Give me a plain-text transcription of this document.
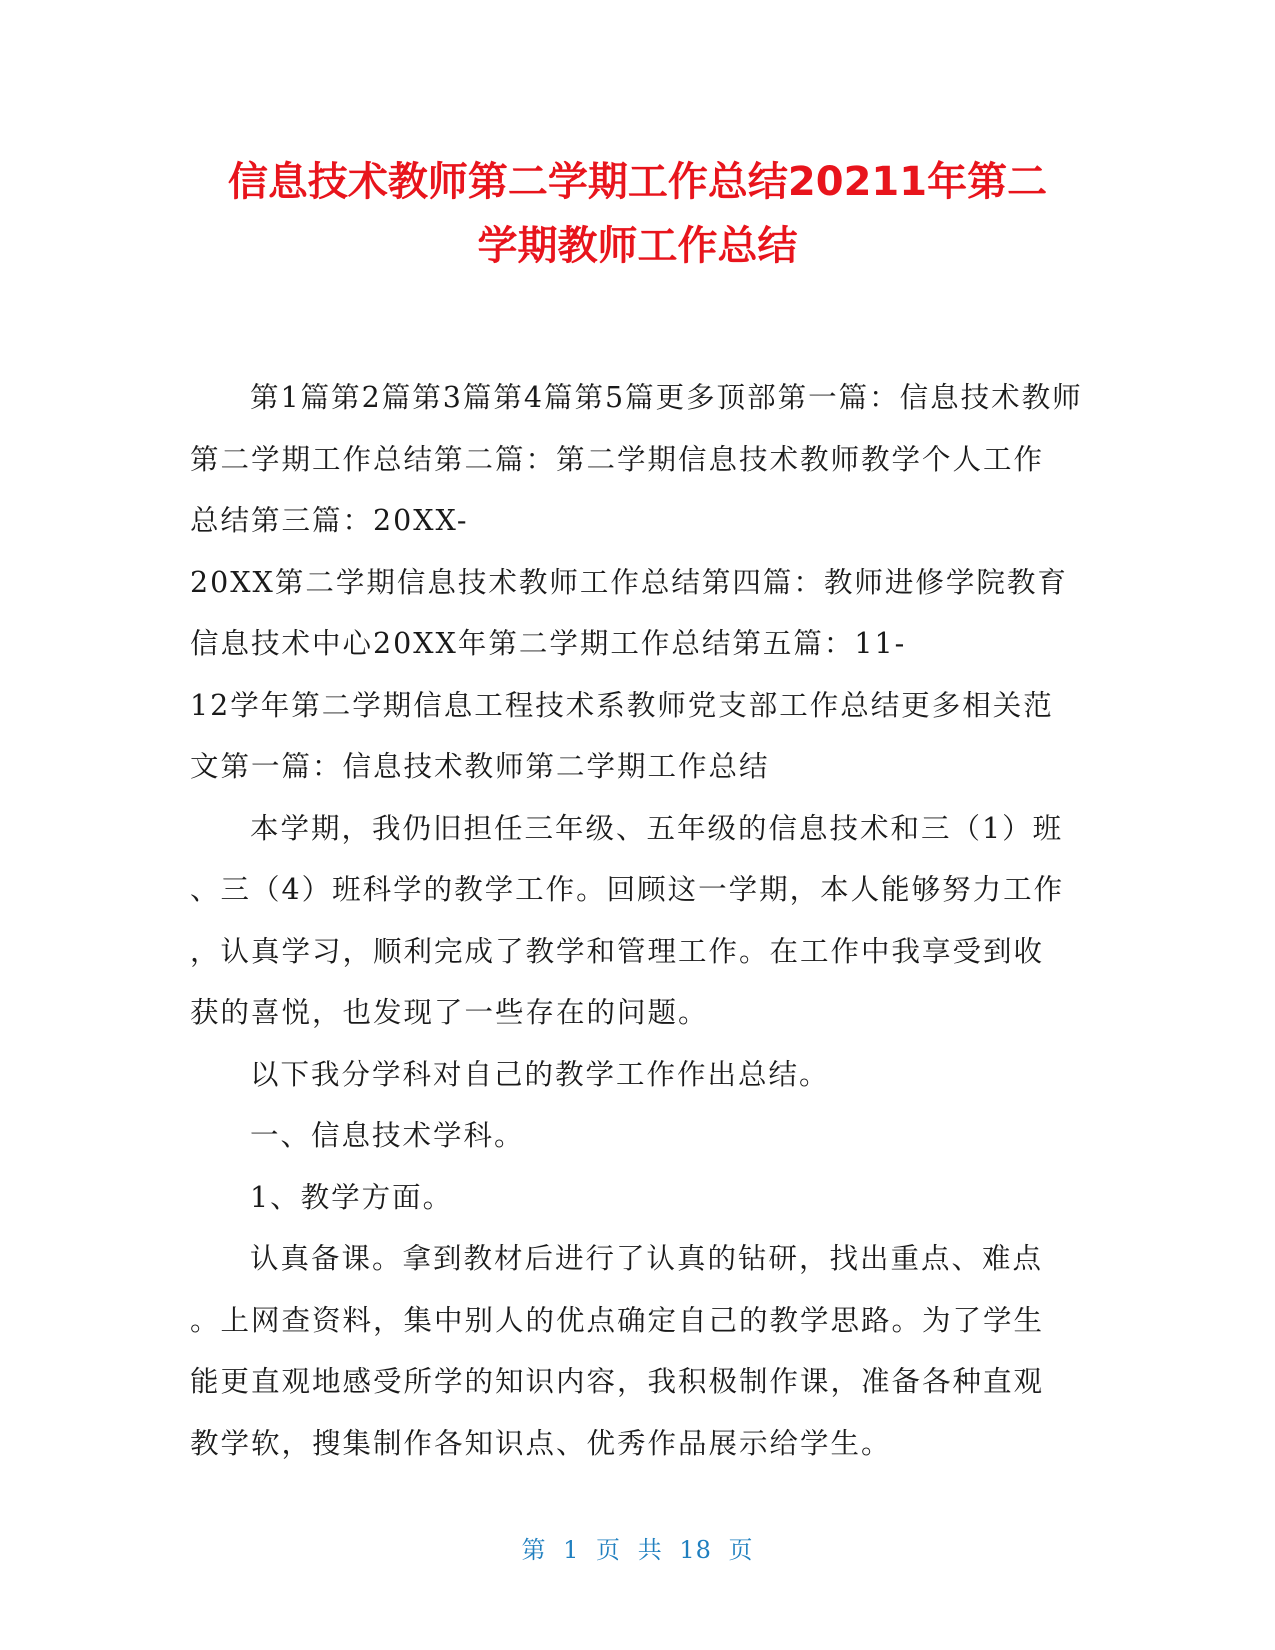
信息技术教师第二学期工作总结20211年第二
学期教师工作总结

第1篇第2篇第3篇第4篇第5篇更多顶部第一篇：信息技术教师
第二学期工作总结第二篇：第二学期信息技术教师教学个人工作
总结第三篇：20XX-
20XX第二学期信息技术教师工作总结第四篇：教师进修学院教育
信息技术中心20XX年第二学期工作总结第五篇：11-
12学年第二学期信息工程技术系教师党支部工作总结更多相关范
文第一篇：信息技术教师第二学期工作总结

本学期，我仍旧担任三年级、五年级的信息技术和三（1）班
、三（4）班科学的教学工作。回顾这一学期，本人能够努力工作
，认真学习，顺利完成了教学和管理工作。在工作中我享受到收
获的喜悦，也发现了一些存在的问题。

以下我分学科对自己的教学工作作出总结。

一、信息技术学科。

1、教学方面。

认真备课。拿到教材后进行了认真的钻研，找出重点、难点
。上网查资料，集中别人的优点确定自己的教学思路。为了学生
能更直观地感受所学的知识内容，我积极制作课，准备各种直观
教学软，搜集制作各知识点、优秀作品展示给学生。

第 1 页 共 18 页
